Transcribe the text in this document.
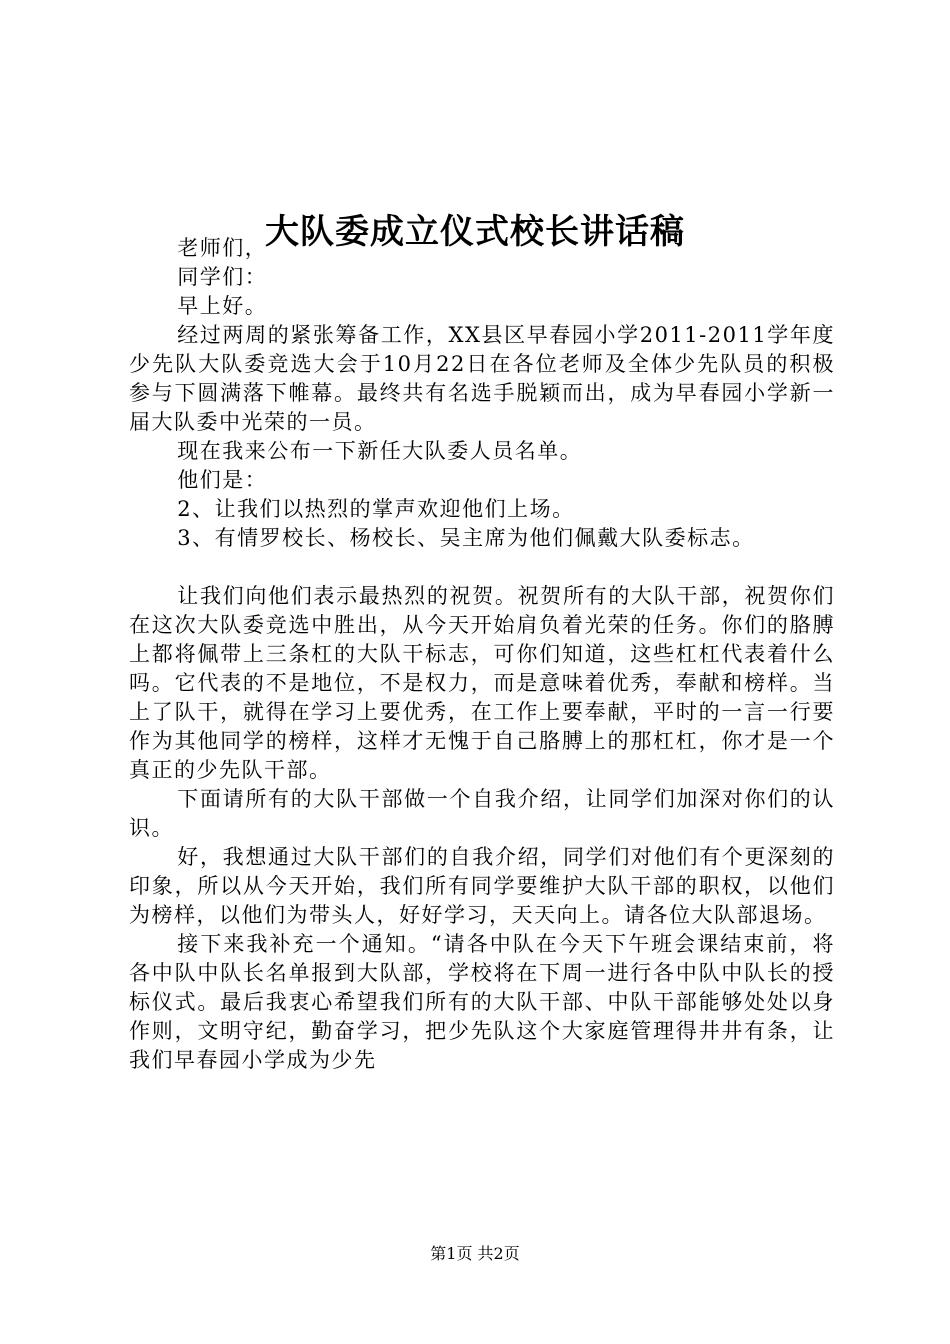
大队委成立仪式校长讲话稿

老师们，

同学们：

早上好。

经过两周的紧张筹备工作，XX县区早春园小学2011-2011学年度少先队大队委竞选大会于10月22日在各位老师及全体少先队员的积极参与下圆满落下帷幕。最终共有名选手脱颖而出，成为早春园小学新一届大队委中光荣的一员。

现在我来公布一下新任大队委人员名单。

他们是：

2、让我们以热烈的掌声欢迎他们上场。

3、有情罗校长、杨校长、吴主席为他们佩戴大队委标志。

让我们向他们表示最热烈的祝贺。祝贺所有的大队干部，祝贺你们在这次大队委竞选中胜出，从今天开始肩负着光荣的任务。你们的胳膊上都将佩带上三条杠的大队干标志，可你们知道，这些杠杠代表着什么吗。它代表的不是地位，不是权力，而是意味着优秀，奉献和榜样。当上了队干，就得在学习上要优秀，在工作上要奉献，平时的一言一行要作为其他同学的榜样，这样才无愧于自己胳膊上的那杠杠，你才是一个真正的少先队干部。

下面请所有的大队干部做一个自我介绍，让同学们加深对你们的认识。

好，我想通过大队干部们的自我介绍，同学们对他们有个更深刻的印象，所以从今天开始，我们所有同学要维护大队干部的职权，以他们为榜样，以他们为带头人，好好学习，天天向上。请各位大队部退场。

接下来我补充一个通知。“请各中队在今天下午班会课结束前，将各中队中队长名单报到大队部，学校将在下周一进行各中队中队长的授标仪式。最后我衷心希望我们所有的大队干部、中队干部能够处处以身作则，文明守纪，勤奋学习，把少先队这个大家庭管理得井井有条，让我们早春园小学成为少先

第1页 共2页
